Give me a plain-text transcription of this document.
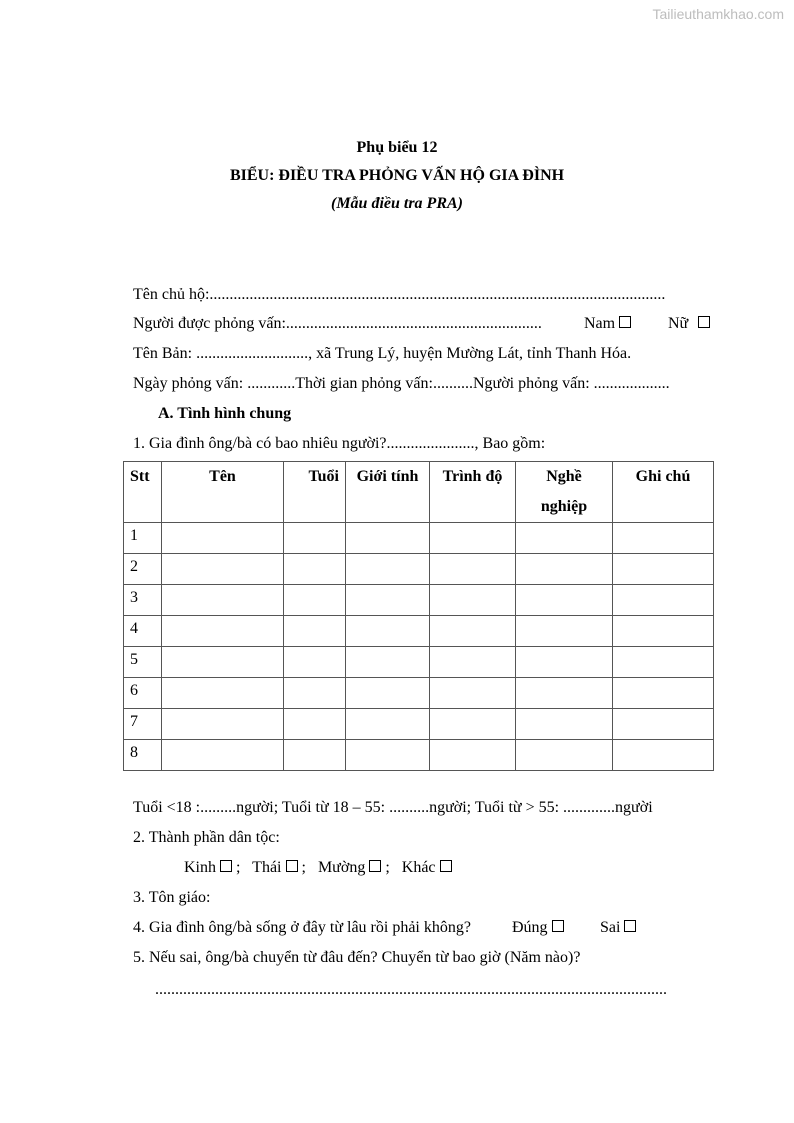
Tailieuthamkhao.com
Phụ biểu 12
BIỂU: ĐIỀU TRA PHỎNG VẤN HỘ GIA ĐÌNH
(Mẫu điều tra PRA)
Tên chủ hộ:..................................................................................................................
Người được phỏng vấn:................................................................	Nam	Nữ
Tên Bản: ............................, xã Trung Lý, huyện Mường Lát, tỉnh Thanh Hóa.
Ngày phỏng vấn: ............Thời gian phỏng vấn:..........Người phỏng vấn: ...................
A. Tình hình chung
1. Gia đình ông/bà có bao nhiêu người?......................, Bao gồm:
Stt	Tên	Tuổi	Giới tính	Trình độ	Nghề nghiệp	Ghi chú
1						
2						
3						
4						
5						
6						
7						
8						
Tuổi <18 :.........người; Tuổi từ 18 – 55: ..........người; Tuổi từ > 55: .............người
2. Thành phần dân tộc:
Kinh ; Thái ; Mường ; Khác
3. Tôn giáo:
4. Gia đình ông/bà sống ở đây từ lâu rồi phải không?	Đúng	Sai
5. Nếu sai, ông/bà chuyển từ đâu đến? Chuyển từ bao giờ (Năm nào)?
................................................................................................................................
